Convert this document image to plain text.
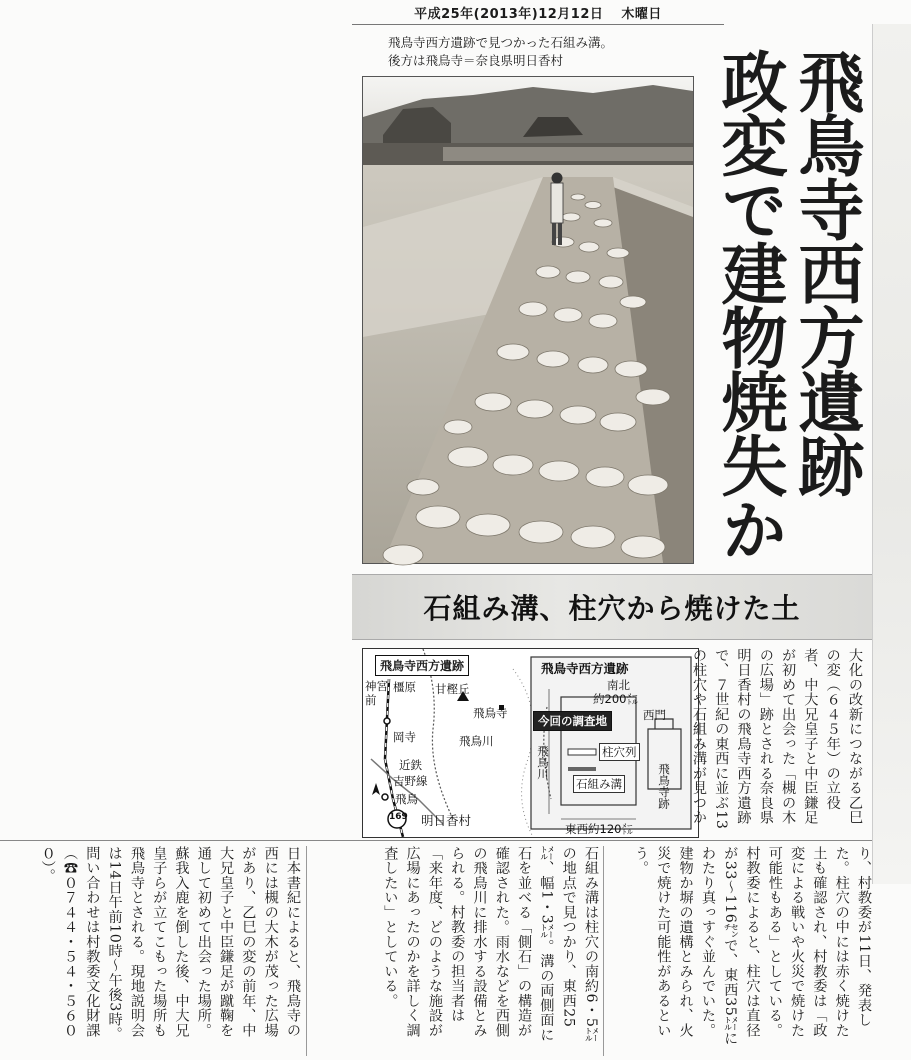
平成25年(2013年)12月12日 木曜日
飛鳥寺西方遺跡で見つかった石組み溝。
後方は飛鳥寺＝奈良県明日香村	飛鳥寺西方遺跡
政変で建物焼失か
石組み溝、柱穴から焼けた土
飛鳥寺西方遺跡	飛鳥寺西方遺跡
橿原
神宮前
甘樫丘
飛鳥寺
飛鳥川
岡寺
近鉄
吉野線
飛鳥
169 明日香村
南北
約200㍍
今回の調査地	西門
柱穴列
石組み溝
飛鳥川
飛鳥寺跡
東西約120㍍

大化の改新につながる乙巳の変（６４５年）の立役者、中大兄皇子と中臣鎌足が初めて出会った「槻の木の広場」跡とされる奈良県明日香村の飛鳥寺西方遺跡で、７世紀の東西に並ぶ13の柱穴や石組み溝が見つか

り、村教委が11日、発表した。柱穴の中には赤く焼けた土も確認され、村教委は「政変による戦いや火災で焼けた可能性もある」としている。村教委によると、柱穴は直径が33〜116㌢で、東西35㍍にわたり真っすぐ並んでいた。建物か塀の遺構とみられ、火災で焼けた可能性があるという。

石組み溝は柱穴の南約6・5㍍の地点で見つかり、東西25㍍、幅1・3㍍。溝の両側面に石を並べる「側石」の構造が確認された。雨水などを西側の飛鳥川に排水する設備とみられる。村教委の担当者は「来年度、どのような施設が広場にあったのかを詳しく調査したい」としている。

日本書紀によると、飛鳥寺の西には槻の大木が茂った広場があり、乙巳の変の前年、中大兄皇子と中臣鎌足が蹴鞠を通して初めて出会った場所。蘇我入鹿を倒した後、中大兄皇子らが立てこもった場所も飛鳥寺とされる。現地説明会は14日午前10時〜午後3時。問い合わせは村教委文化財課（☎０７４４・５４・５６００）。
